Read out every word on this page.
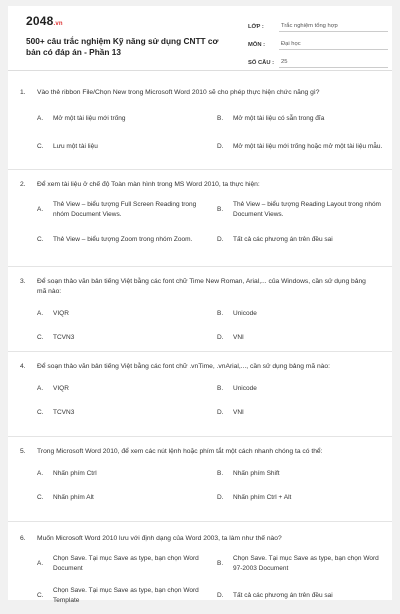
2048.vn
500+ câu trắc nghiệm Kỹ năng sử dụng CNTT cơ bản có đáp án - Phần 13
LỚP :	Trắc nghiệm tổng hợp
MÔN :	Đại học
SỐ CÂU :	25
1.	Vào thẻ ribbon File/Chọn New trong Microsoft Word 2010 sẽ cho phép thực hiện chức năng gì?
A.	Mở một tài liệu mới trống	B.	Mở một tài liệu có sẵn trong đĩa
C.	Lưu một tài liệu	D.	Mở một tài liệu mới trống hoặc mở một tài liệu mẫu.
2.	Để xem tài liệu ở chế độ Toàn màn hình trong MS Word 2010, ta thực hiện:
A.
Thẻ View – biểu tượng Full Screen Reading trong nhóm Document Views.
B.
Thẻ View – biểu tượng Reading Layout trong nhóm Document Views.
C.	Thẻ View – biểu tượng Zoom trong nhóm Zoom.	D.	Tất cả các phương án trên đều sai
3.	Để soạn thảo văn bản tiếng Việt bằng các font chữ Time New Roman, Arial,... của Windows, cần sử dụng bảng mã nào:
A.	VIQR	B.	Unicode
C.	TCVN3	D.	VNI
4.	Để soạn thảo văn bản tiếng Việt bằng các font chữ .vnTime, .vnArial,..., cần sử dụng bảng mã nào:
A.	VIQR	B.	Unicode
C.	TCVN3	D.	VNI
5.	Trong Microsoft Word 2010, để xem các nút lệnh hoặc phím tắt một cách nhanh chóng ta có thể:
A.	Nhấn phím Ctrl	B.	Nhấn phím Shift
C.	Nhấn phím Alt	D.	Nhấn phím Ctrl + Alt
6.	Muốn Microsoft Word 2010 lưu với định dạng của Word 2003, ta làm như thế nào?
A.
Chọn Save. Tại mục Save as type, bạn chọn Word Document
B.
Chọn Save. Tại mục Save as type, bạn chọn Word 97-2003 Document
C.
Chọn Save. Tại mục Save as type, bạn chọn Word Template
D.	Tất cả các phương án trên đều sai
